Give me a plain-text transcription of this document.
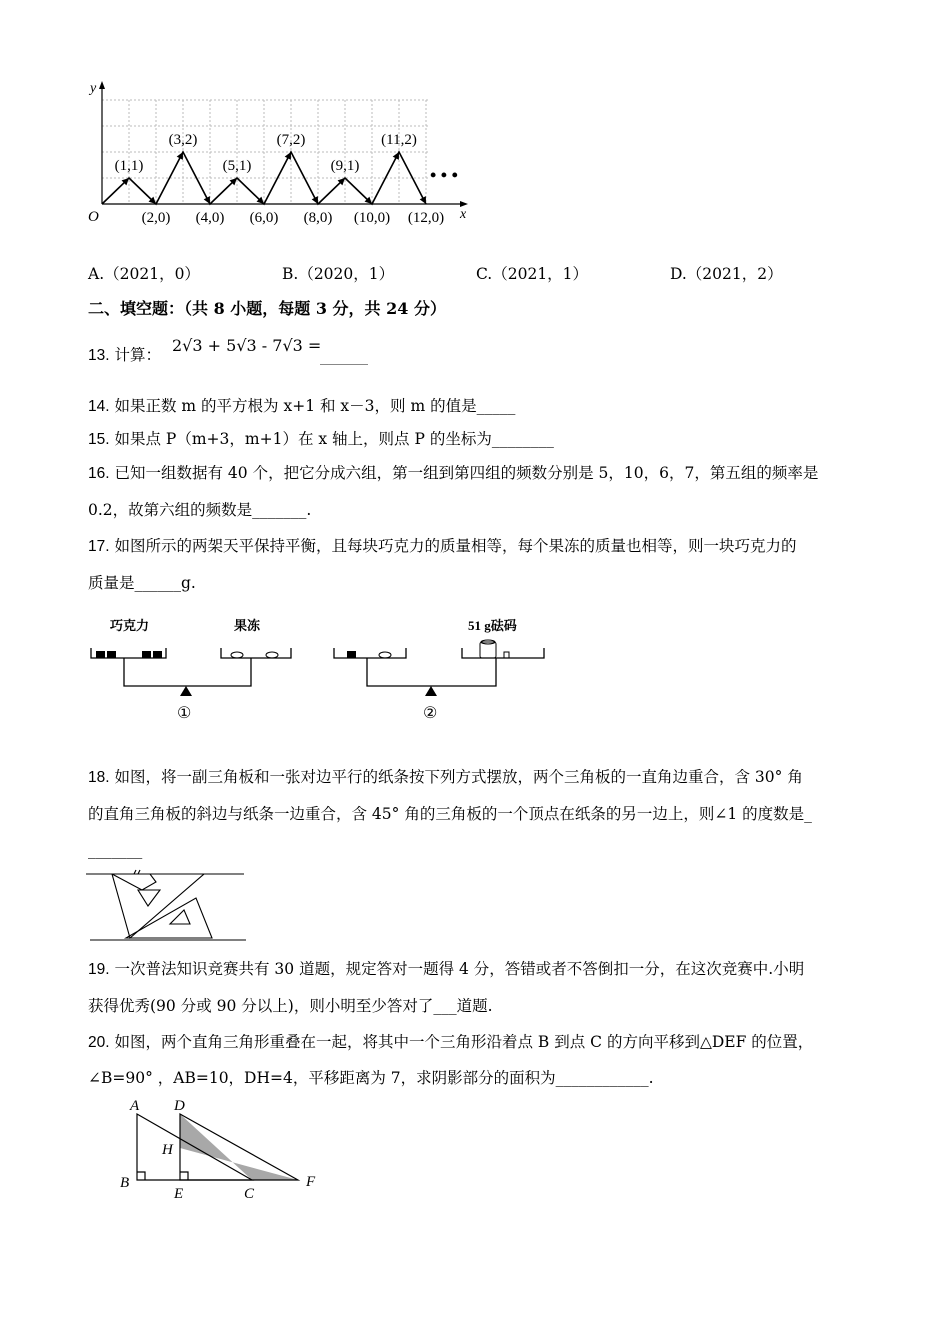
y
x
O
(1,1)
(2,0)
(3,2)
(4,0)
(5,1)
(6,0)
(7,2)
(8,0)
(9,1)
(10,0)
(11,2)
(12,0)
• • •
A.（2021，0）	B.（2020，1）	C.（2021，1）	D.（2021，2）
二、填空题：（共 8 小题，每题 3 分，共 24 分）
13. 计算： 2√3 + 5√3 - 7√3 =
________
14. 如果正数 m 的平方根为 x+1 和 x－3，则 m 的值是_____
15. 如果点 P（m+3，m+1）在 x 轴上，则点 P 的坐标为________
16. 已知一组数据有 40 个，把它分成六组，第一组到第四组的频数分别是 5，10，6，7，第五组的频率是
0.2，故第六组的频数是_______.
17. 如图所示的两架天平保持平衡，且每块巧克力的质量相等，每个果冻的质量也相等，则一块巧克力的
质量是______g.
巧克力	果冻	51 g砝码
①	②
18. 如图，将一副三角板和一张对边平行的纸条按下列方式摆放，两个三角板的一直角边重合，含 30° 角
的直角三角板的斜边与纸条一边重合，含 45° 角的三角板的一个顶点在纸条的另一边上，则∠1 的度数是_
_______
19. 一次普法知识竞赛共有 30 道题，规定答对一题得 4 分，答错或者不答倒扣一分，在这次竞赛中.小明
获得优秀(90 分或 90 分以上)，则小明至少答对了___道题.
20. 如图，两个直角三角形重叠在一起，将其中一个三角形沿着点 B 到点 C 的方向平移到△DEF 的位置，
∠B=90° ，AB=10，DH=4，平移距离为 7，求阴影部分的面积为____________.
A D
H
B
E	C
F
